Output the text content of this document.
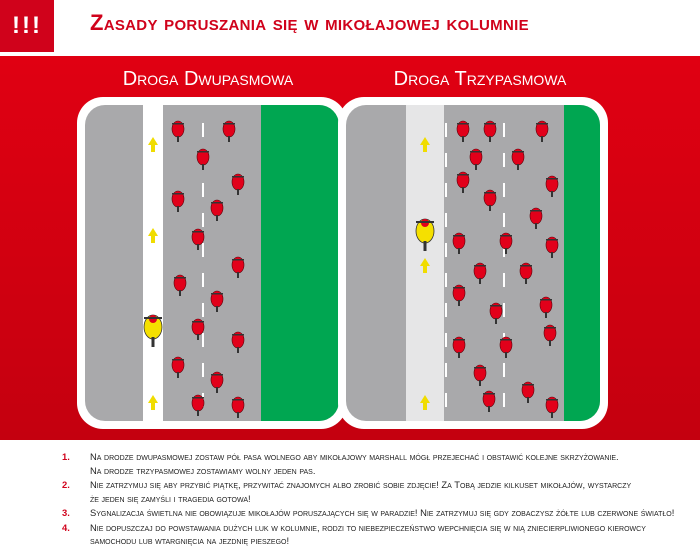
!!!	Zasady poruszania się w mikołajowej kolumnie
Droga Dwupasmowa	Droga Trzypasmowa
1.	Na drodze dwupasmowej zostaw pół pasa wolnego aby mikołajowy marshall mógł przejechać i obstawić kolejne skrzyżowanie.
Na drodze trzypasmowej zostawiamy wolny jeden pas.
2.	Nie zatrzymuj się aby przybić piątkę, przywitać znajomych albo zrobić sobie zdjęcie! Za Tobą jedzie kilkuset mikołajów, wystarczy
że jeden się zamyśli i tragedia gotowa!
3.	Sygnalizacja świetlna nie obowiązuje mikołajów poruszających się w paradzie! Nie zatrzymuj się gdy zobaczysz żółte lub czerwone światło!
4.	Nie dopuszczaj do powstawania dużych luk w kolumnie, rodzi to niebezpieczeństwo wepchnięcia się w nią zniecierpliwionego kierowcy
samochodu lub wtargnięcia na jezdnię pieszego!
